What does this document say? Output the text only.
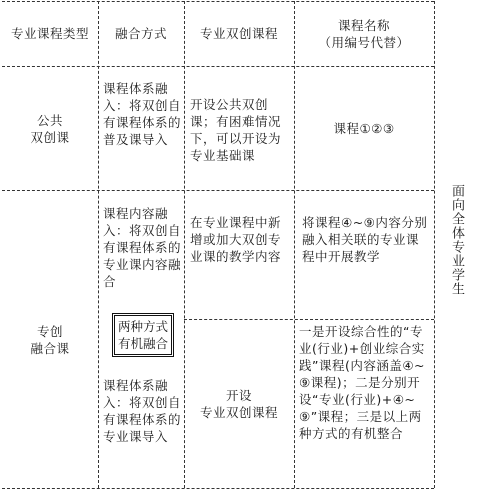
专业课程类型 融合方式	专业双创课程
课程名称
（用编号代替）
公共
双创课
课程体系融入：将双创自有课程体系的普及课导入
开设公共双创课；有困难情况下，可以开设为专业基础课
课程①②③
专创
融合课
课程内容融入：将双创自有课程体系的专业课内容融合
两种方式
有机融合
课程体系融入：将双创自有课程体系的专业课导入
在专业课程中新增或加大双创专业课的教学内容
开设
专业双创课程
将课程④~⑨内容分别融入相关联的专业课程中开展教学
一是开设综合性的“专业(行业)+创业综合实践”课程(内容涵盖④~⑨课程)；二是分别开设“专业(行业)+④~⑨”课程；三是以上两种方式的有机整合
面向全体专业学生
